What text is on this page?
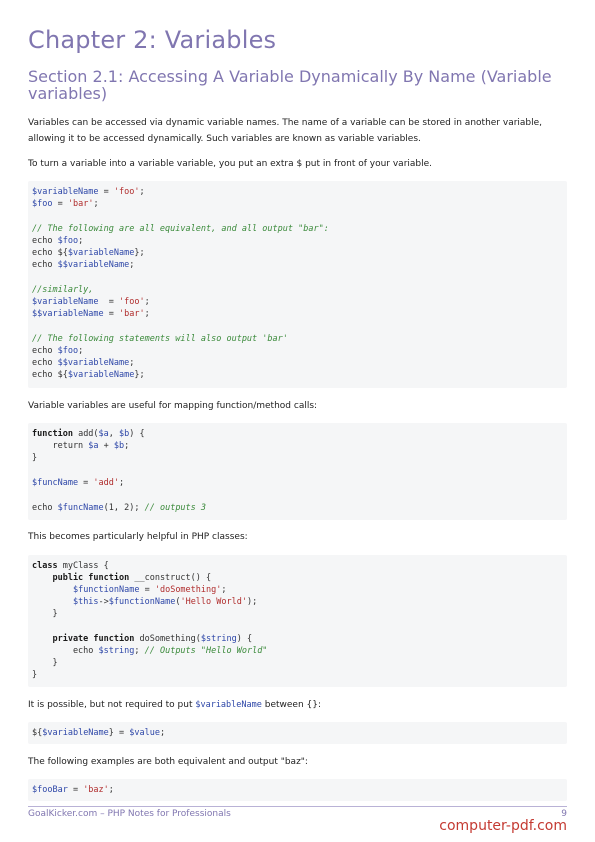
Chapter 2: Variables
Section 2.1: Accessing A Variable Dynamically By Name (Variable variables)

Variables can be accessed via dynamic variable names. The name of a variable can be stored in another variable, allowing it to be accessed dynamically. Such variables are known as variable variables.

To turn a variable into a variable variable, you put an extra $ put in front of your variable.

$variableName = 'foo';
$foo = 'bar';
// The following are all equivalent, and all output "bar":
echo $foo;
echo ${$variableName};
echo $$variableName;
//similarly,
$variableName  = 'foo';
$$variableName = 'bar';
// The following statements will also output 'bar'
echo $foo;
echo $$variableName;
echo ${$variableName};

Variable variables are useful for mapping function/method calls:

function add($a, $b) {
return $a + $b;
}
$funcName = 'add';
echo $funcName(1, 2); // outputs 3

This becomes particularly helpful in PHP classes:

class myClass {
public function __construct() {
$functionName = 'doSomething';
$this->$functionName('Hello World');
}
private function doSomething($string) {
echo $string; // Outputs "Hello World"
}
}

It is possible, but not required to put $variableName between {}:

${$variableName} = $value;

The following examples are both equivalent and output "baz":

$fooBar = 'baz';
GoalKicker.com – PHP Notes for Professionals	9
computer-pdf.com
